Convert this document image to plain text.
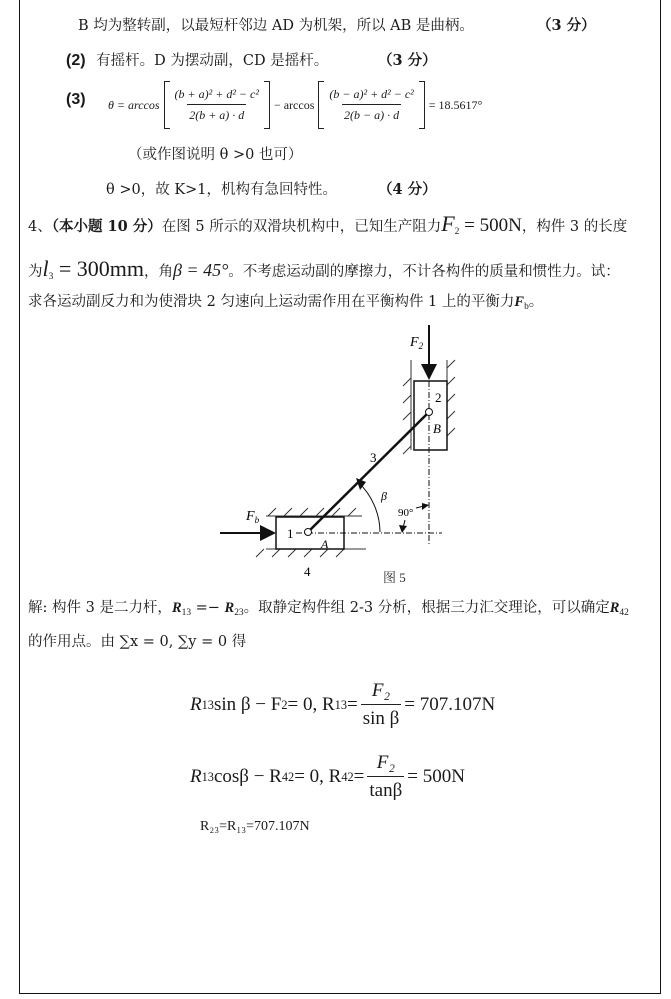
B 均为整转副，以最短杆邻边 AD 为机架，所以 AB 是曲柄。	（3 分）
(2) 有摇杆。D 为摆动副，CD 是摇杆。	（3 分）
(3) $\theta = \arccos \frac{\text{(b + a)² + d² − c²}}{2(b + a) \cdot d} - \arccos \frac{\text{(b − a)² + d² − c²}}{2(b - a) \cdot d} = 18.5617^\circ$
（或作图说明 θ >0 也可）
θ >0，故 K>1，机构有急回特性。	（4 分）
4、（本小题 10 分）在图 5 所示的双滑块机构中，已知生产阻力$F_2 = 500N$，构件 3 的长度
为$l_3 = 300mm$，角β = 45°。不考虑运动副的摩擦力，不计各构件的质量和惯性力。试：
求各运动副反力和为使滑块 2 匀速向上运动需作用在平衡构件 1 上的平衡力$F_b$。
$F_2$
2
B
$F_b$
1
A
4
3
β
90°
图 5
解: 构件 3 是二力杆，$R_{13} =- R_{23}$。取静定构件组 2-3 分析，根据三力汇交理论，可以确定$R_{42}$
的作用点。由 ∑x = 0, ∑y = 0 得
R 13 sin β − F 2 = 0, R $13 = \frac{\text{F₂}}{\text{sin β}} = 707.107N$
R 13 cosβ − R 42 = 0, R $42 = \frac{\text{F₂}}{\tan\beta} = 500N$
R₂₃=R₁₃=707.107N
